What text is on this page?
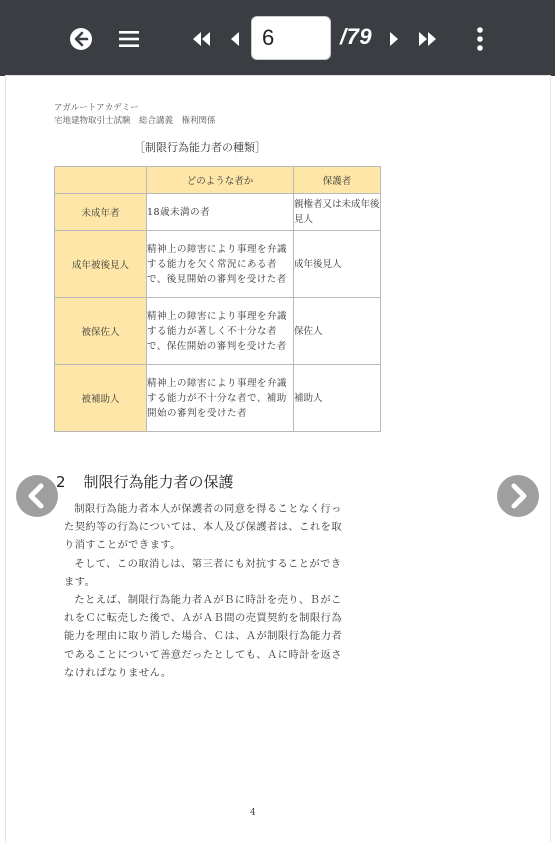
6
/79
アガルートアカデミー
宅地建物取引士試験　総合講義　権利関係
［制限行為能力者の種類］
	どのような者か	保護者
未成年者	18歳未満の者	親権者又は未成年後見人
成年被後見人	精神上の障害により事理を弁識する能力を欠く常況にある者で、後見開始の審判を受けた者	成年後見人
被保佐人	精神上の障害により事理を弁識する能力が著しく不十分な者で、保佐開始の審判を受けた者	保佐人
被補助人	精神上の障害により事理を弁識する能力が不十分な者で、補助開始の審判を受けた者	補助人
2 制限行為能力者の保護

制限行為能力者本人が保護者の同意を得ることなく行った契約等の行為については、本人及び保護者は、これを取り消すことができます。

そして、この取消しは、第三者にも対抗することができます。

たとえば、制限行為能力者ＡがＢに時計を売り、ＢがこれをＣに転売した後で、ＡがＡＢ間の売買契約を制限行為能力を理由に取り消した場合、Ｃは、Ａが制限行為能力者であることについて善意だったとしても、Ａに時計を返さなければなりません。

4
